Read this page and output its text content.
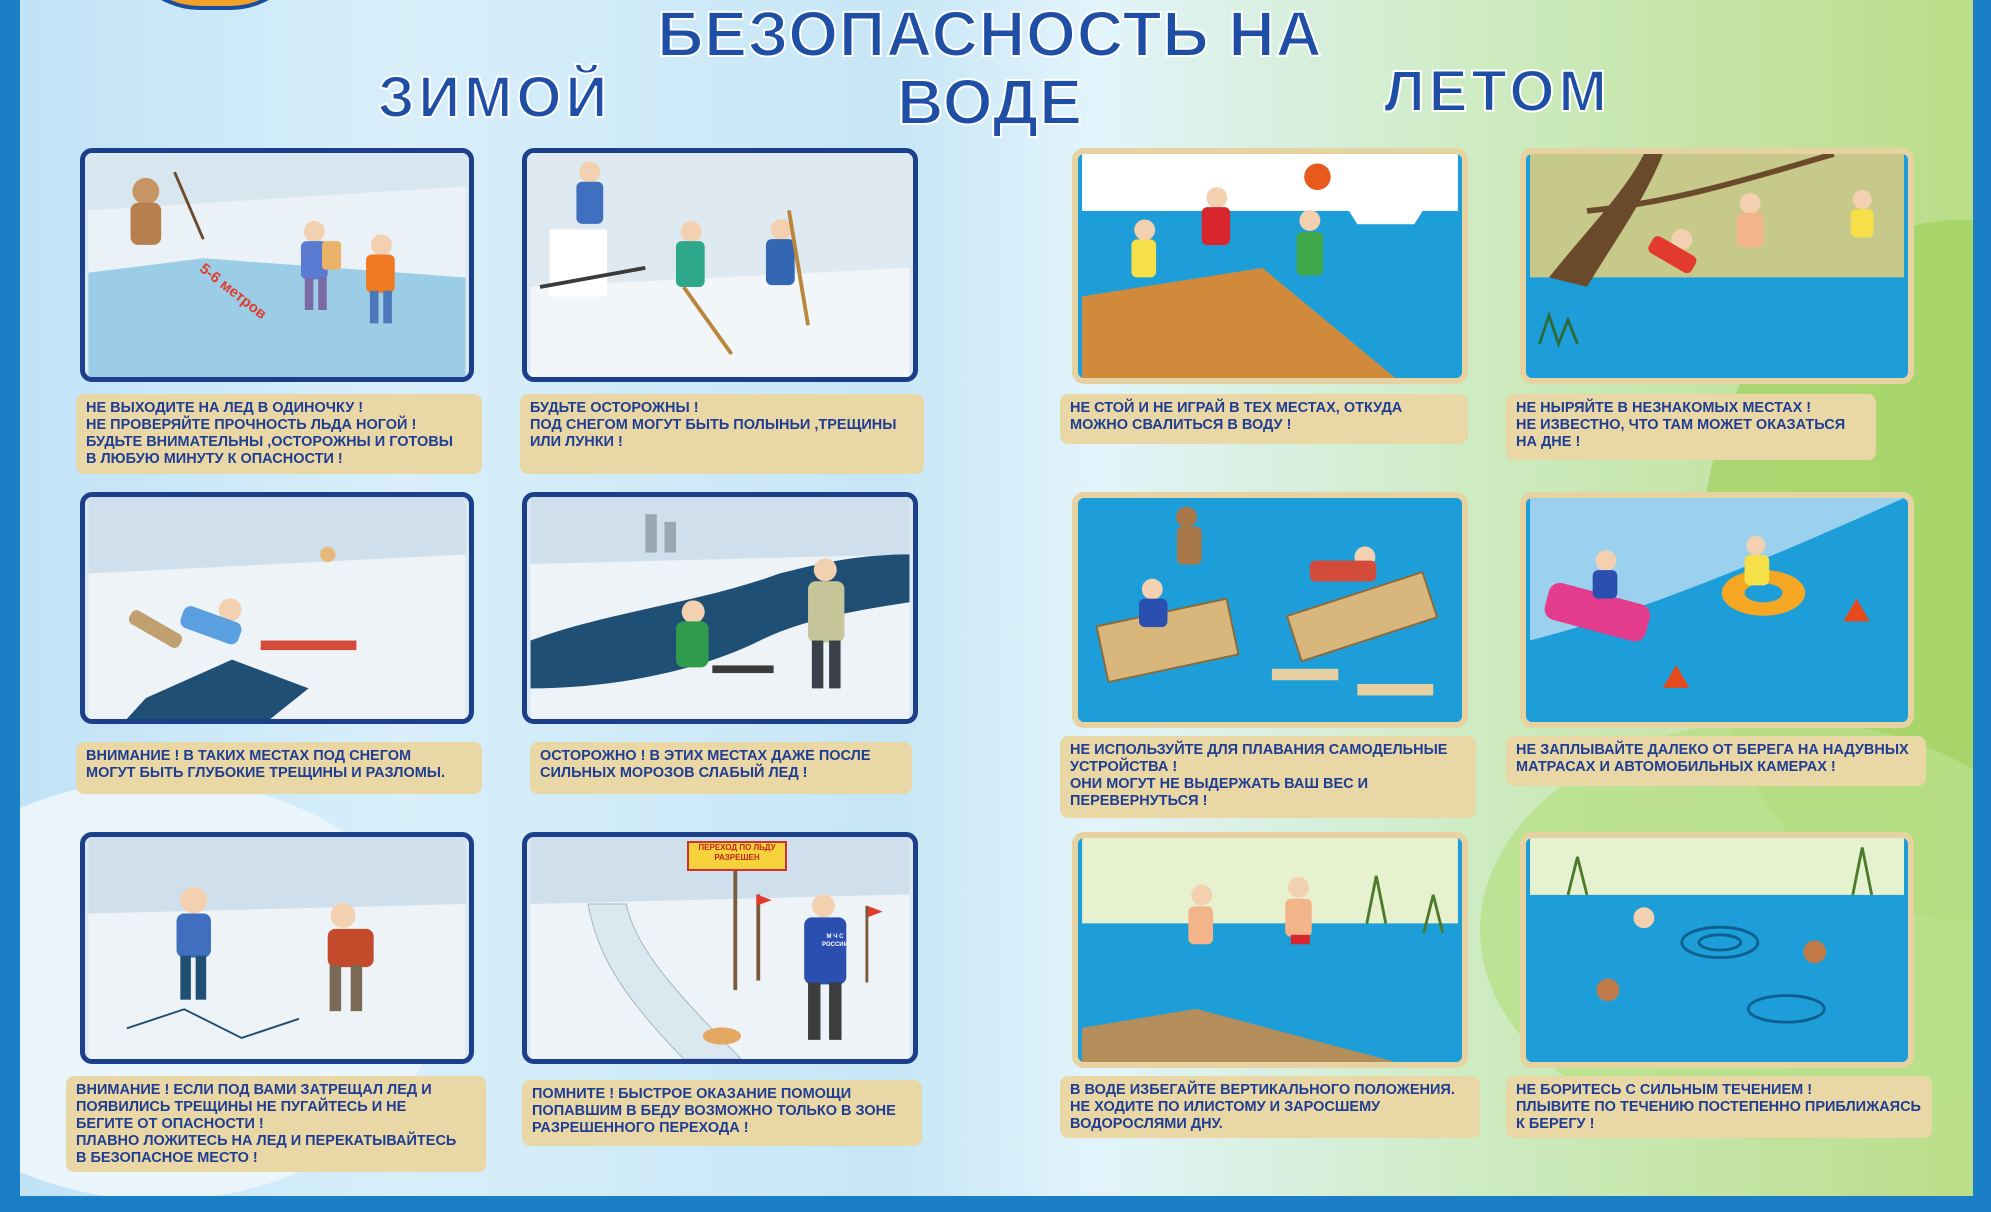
БЕЗОПАСНОСТЬ НА ВОДЕ
ЗИМОЙ	ЛЕТОМ
5-6 метров
НЕ ВЫХОДИТЕ НА ЛЕД В ОДИНОЧКУ !
НЕ ПРОВЕРЯЙТЕ ПРОЧНОСТЬ ЛЬДА НОГОЙ !
БУДЬТЕ ВНИМАТЕЛЬНЫ ,ОСТОРОЖНЫ И ГОТОВЫ
В ЛЮБУЮ МИНУТУ К ОПАСНОСТИ !
БУДЬТЕ ОСТОРОЖНЫ !
ПОД СНЕГОМ МОГУТ БЫТЬ ПОЛЫНЬИ ,ТРЕЩИНЫ
ИЛИ ЛУНКИ !
ВНИМАНИЕ ! В ТАКИХ МЕСТАХ ПОД СНЕГОМ
МОГУТ БЫТЬ ГЛУБОКИЕ ТРЕЩИНЫ И РАЗЛОМЫ.
ОСТОРОЖНО ! В ЭТИХ МЕСТАХ ДАЖЕ ПОСЛЕ
СИЛЬНЫХ МОРОЗОВ СЛАБЫЙ ЛЕД !
ВНИМАНИЕ ! ЕСЛИ ПОД ВАМИ ЗАТРЕЩАЛ ЛЕД И
ПОЯВИЛИСЬ ТРЕЩИНЫ НЕ ПУГАЙТЕСЬ И НЕ
БЕГИТЕ ОТ ОПАСНОСТИ !
ПЛАВНО ЛОЖИТЕСЬ НА ЛЕД И ПЕРЕКАТЫВАЙТЕСЬ
В БЕЗОПАСНОЕ МЕСТО !
ПЕРЕХОД ПО ЛЬДУ
РАЗРЕШЕН
М Ч С
РОССИИ
ПОМНИТЕ ! БЫСТРОЕ ОКАЗАНИЕ ПОМОЩИ
ПОПАВШИМ В БЕДУ ВОЗМОЖНО ТОЛЬКО В ЗОНЕ
РАЗРЕШЕННОГО ПЕРЕХОДА !
НЕ СТОЙ И НЕ ИГРАЙ В ТЕХ МЕСТАХ, ОТКУДА
МОЖНО СВАЛИТЬСЯ В ВОДУ !
НЕ НЫРЯЙТЕ В НЕЗНАКОМЫХ МЕСТАХ !
НЕ ИЗВЕСТНО, ЧТО ТАМ МОЖЕТ ОКАЗАТЬСЯ
НА ДНЕ !
НЕ ИСПОЛЬЗУЙТЕ ДЛЯ ПЛАВАНИЯ САМОДЕЛЬНЫЕ
УСТРОЙСТВА !
ОНИ МОГУТ НЕ ВЫДЕРЖАТЬ ВАШ ВЕС И
ПЕРЕВЕРНУТЬСЯ !
НЕ ЗАПЛЫВАЙТЕ ДАЛЕКО ОТ БЕРЕГА НА НАДУВНЫХ
МАТРАСАХ И АВТОМОБИЛЬНЫХ КАМЕРАХ !
В ВОДЕ ИЗБЕГАЙТЕ ВЕРТИКАЛЬНОГО ПОЛОЖЕНИЯ.
НЕ ХОДИТЕ ПО ИЛИСТОМУ И ЗАРОСШЕМУ
ВОДОРОСЛЯМИ ДНУ.
НЕ БОРИТЕСЬ С СИЛЬНЫМ ТЕЧЕНИЕМ !
ПЛЫВИТЕ ПО ТЕЧЕНИЮ ПОСТЕПЕННО ПРИБЛИЖАЯСЬ
К БЕРЕГУ !
